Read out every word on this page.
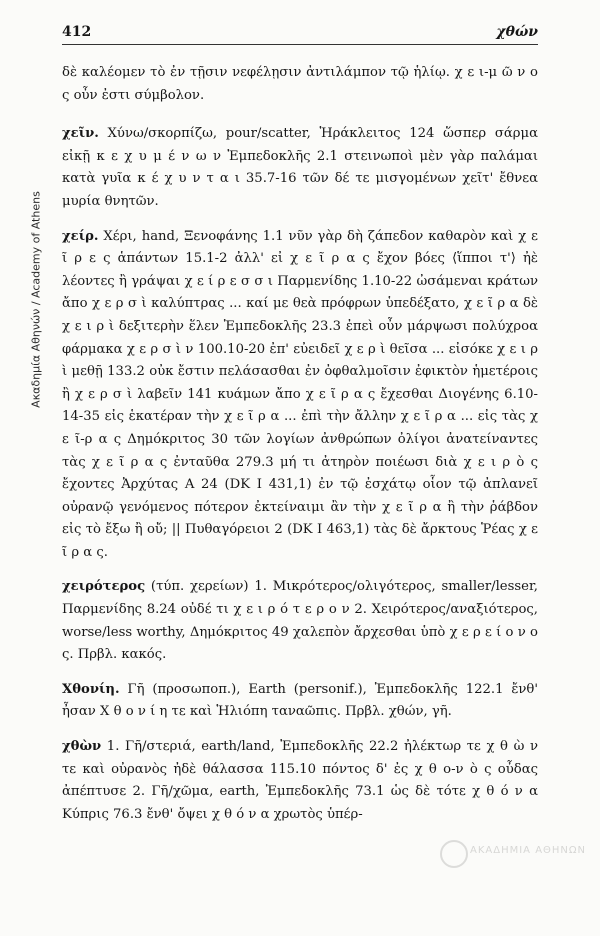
412	χθών
Ακαδημία Αθηνών / Academy of Athens

δὲ καλέομεν τὸ ἐν τῇσιν νεφέλῃσιν ἀντιλάμπον τῷ ἡλίῳ. χ ε ι-μ ῶ ν ο ς οὖν ἐστι σύμβολον.

χεῖν. Χύνω/σκορπίζω, pour/scatter, Ἡράκλειτος 124 ὥσπερ σάρμα εἰκῇ κ ε χ υ μ έ ν ω ν Ἐμπεδοκλῆς 2.1 στεινωποὶ μὲν γὰρ παλάμαι κατὰ γυῖα κ έ χ υ ν τ α ι 35.7-16 τῶν δέ τε μισγομένων χεῖτ' ἔθνεα μυρία θνητῶν.

χείρ. Χέρι, hand, Ξενοφάνης 1.1 νῦν γὰρ δὴ ζάπεδον καθαρὸν καὶ χ ε ῖ ρ ε ς ἁπάντων 15.1-2 ἀλλ' εἰ χ ε ῖ ρ α ς ἔχον βόες ⟨ἵπποι τ'⟩ ἠὲ λέοντες ἢ γράψαι χ ε ί ρ ε σ σ ι Παρμενίδης 1.10-22 ὠσάμεναι κράτων ἄπο χ ε ρ σ ὶ καλύπτρας ... καί με θεὰ πρόφρων ὑπεδέξατο, χ ε ῖ ρ α δὲ χ ε ι ρ ὶ δεξιτερὴν ἕλεν Ἐμπεδοκλῆς 23.3 ἐπεὶ οὖν μάρψωσι πολύχροα φάρμακα χ ε ρ σ ὶ ν 100.10-20 ἐπ' εὐειδεῖ χ ε ρ ὶ θεῖσα ... εἰσόκε χ ε ι ρ ὶ μεθῇ 133.2 οὐκ ἔστιν πελάσασθαι ἐν ὀφθαλμοῖσιν ἐφικτὸν ἡμετέροις ἢ χ ε ρ σ ὶ λαβεῖν 141 κυάμων ἄπο χ ε ῖ ρ α ς ἔχεσθαι Διογένης 6.10-14-35 εἰς ἑκατέραν τὴν χ ε ῖ ρ α ... ἐπὶ τὴν ἄλλην χ ε ῖ ρ α ... εἰς τὰς χ ε ῖ-ρ α ς Δημόκριτος 30 τῶν λογίων ἀνθρώπων ὀλίγοι ἀνατείναντες τὰς χ ε ῖ ρ α ς ἐνταῦθα 279.3 μή τι ἀτηρὸν ποιέωσι διὰ χ ε ι ρ ὸ ς ἔχοντες Ἀρχύτας Α 24 (DK I 431,1) ἐν τῷ ἐσχάτῳ οἷον τῷ ἀπλανεῖ οὐρανῷ γενόμενος πότερον ἐκτείναιμι ἂν τὴν χ ε ῖ ρ α ἢ τὴν ῥάβδον εἰς τὸ ἔξω ἢ οὔ; || Πυθαγόρειοι 2 (DK I 463,1) τὰς δὲ ἄρκτους Ῥέας χ ε ῖ ρ α ς.

χειρότερος (τύπ. χερείων) 1. Μικρότερος/ολιγότερος, smaller/lesser, Παρμενίδης 8.24 οὐδέ τι χ ε ι ρ ό τ ε ρ ο ν 2. Χειρότερος/αναξιότερος, worse/less worthy, Δημόκριτος 49 χαλεπὸν ἄρχεσθαι ὑπὸ χ ε ρ ε ί ο ν ο ς. Πρβλ. κακός.

Χθονίη. Γῆ (προσωποπ.), Earth (personif.), Ἐμπεδοκλῆς 122.1 ἔνθ' ἦσαν Χ θ ο ν ί η τε καὶ Ἡλιόπη ταναῶπις. Πρβλ. χθών, γῆ.

χθὼν 1. Γῆ/στεριά, earth/land, Ἐμπεδοκλῆς 22.2 ἠλέκτωρ τε χ θ ὼ ν τε καὶ οὐρανὸς ἠδὲ θάλασσα 115.10 πόντος δ' ἐς χ θ ο-ν ὸ ς οὖδας ἀπέπτυσε 2. Γῆ/χῶμα, earth, Ἐμπεδοκλῆς 73.1 ὡς δὲ τότε χ θ ό ν α Κύπρις 76.3 ἔνθ' ὄψει χ θ ό ν α χρωτὸς ὑπέρ-

ΑΚΑΔΗΜΙΑ ΑΘΗΝΩΝ
